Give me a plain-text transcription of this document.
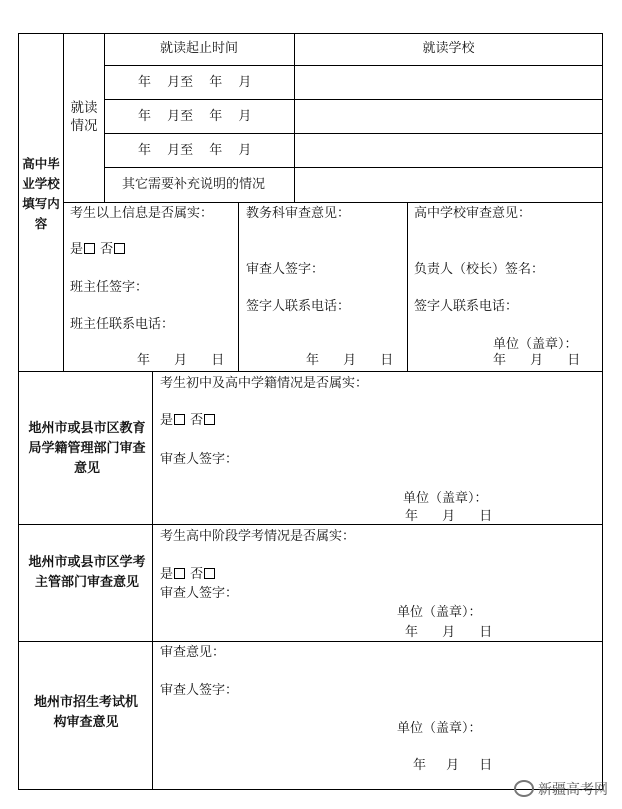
高中毕业学校填写内容
就读情况
就读起止时间	就读学校
年 月至 年 月
年 月至 年 月
年 月至 年 月
其它需要补充说明的情况
考生以上信息是否属实：
是 否
班主任签字：
班主任联系电话：
年 月 日
教务科审查意见：
审查人签字：
签字人联系电话：
年 月 日
高中学校审查意见：
负责人（校长）签名：
签字人联系电话：
单位（盖章）：
年 月 日
地州市或县市区教育局学籍管理部门审查意见
考生初中及高中学籍情况是否属实：
是 否
审查人签字：
单位（盖章）：
年 月 日
地州市或县市区学考主管部门审查意见
考生高中阶段学考情况是否属实：
是 否
审查人签字：
单位（盖章）：
年 月 日
地州市招生考试机构审查意见
审查意见：
审查人签字：
单位（盖章）：
年 月 日
新疆高考网
